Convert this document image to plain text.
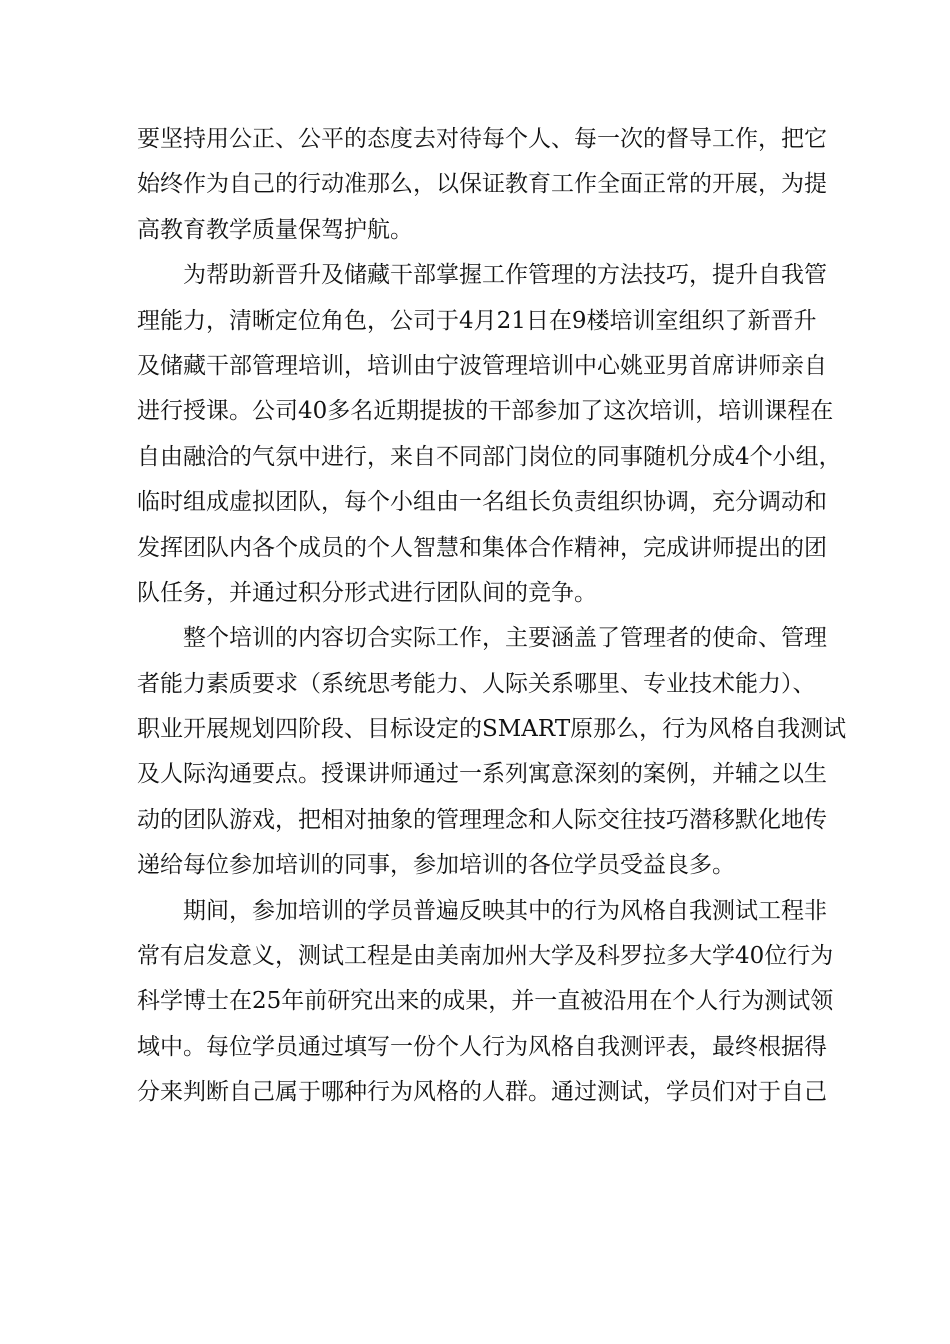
要坚持用公正、公平的态度去对待每个人、每一次的督导工作，把它
始终作为自己的行动准那么，以保证教育工作全面正常的开展，为提
高教育教学质量保驾护航。

为帮助新晋升及储藏干部掌握工作管理的方法技巧，提升自我管
理能力，清晰定位角色，公司于4月21日在9楼培训室组织了新晋升
及储藏干部管理培训，培训由宁波管理培训中心姚亚男首席讲师亲自
进行授课。公司40多名近期提拔的干部参加了这次培训，培训课程在
自由融洽的气氛中进行，来自不同部门岗位的同事随机分成4个小组，
临时组成虚拟团队，每个小组由一名组长负责组织协调，充分调动和
发挥团队内各个成员的个人智慧和集体合作精神，完成讲师提出的团
队任务，并通过积分形式进行团队间的竞争。

整个培训的内容切合实际工作，主要涵盖了管理者的使命、管理
者能力素质要求（系统思考能力、人际关系哪里、专业技术能力）、
职业开展规划四阶段、目标设定的SMART原那么，行为风格自我测试
及人际沟通要点。授课讲师通过一系列寓意深刻的案例，并辅之以生
动的团队游戏，把相对抽象的管理理念和人际交往技巧潜移默化地传
递给每位参加培训的同事，参加培训的各位学员受益良多。

期间，参加培训的学员普遍反映其中的行为风格自我测试工程非
常有启发意义，测试工程是由美南加州大学及科罗拉多大学40位行为
科学博士在25年前研究出来的成果，并一直被沿用在个人行为测试领
域中。每位学员通过填写一份个人行为风格自我测评表，最终根据得
分来判断自己属于哪种行为风格的人群。通过测试，学员们对于自己
